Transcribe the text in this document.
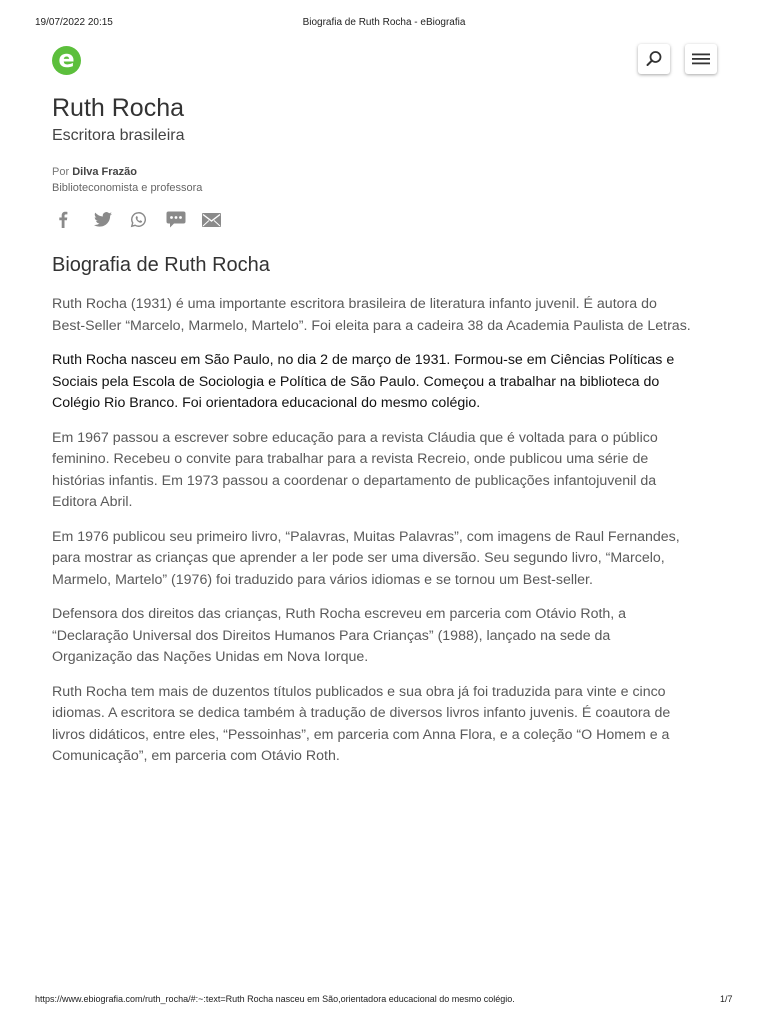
19/07/2022 20:15	Biografia de Ruth Rocha - eBiografia
e
Ruth Rocha
Escritora brasileira
Por Dilva Frazão
Biblioteconomista e professora
Biografia de Ruth Rocha

Ruth Rocha (1931) é uma importante escritora brasileira de literatura infanto juvenil. É autora do Best-Seller “Marcelo, Marmelo, Martelo”. Foi eleita para a cadeira 38 da Academia Paulista de Letras.

Ruth Rocha nasceu em São Paulo, no dia 2 de março de 1931. Formou-se em Ciências Políticas e Sociais pela Escola de Sociologia e Política de São Paulo. Começou a trabalhar na biblioteca do Colégio Rio Branco. Foi orientadora educacional do mesmo colégio.

Em 1967 passou a escrever sobre educação para a revista Cláudia que é voltada para o público feminino. Recebeu o convite para trabalhar para a revista Recreio, onde publicou uma série de histórias infantis. Em 1973 passou a coordenar o departamento de publicações infantojuvenil da Editora Abril.

Em 1976 publicou seu primeiro livro, “Palavras, Muitas Palavras”, com imagens de Raul Fernandes, para mostrar as crianças que aprender a ler pode ser uma diversão. Seu segundo livro, “Marcelo, Marmelo, Martelo” (1976) foi traduzido para vários idiomas e se tornou um Best-seller.

Defensora dos direitos das crianças, Ruth Rocha escreveu em parceria com Otávio Roth, a “Declaração Universal dos Direitos Humanos Para Crianças” (1988), lançado na sede da Organização das Nações Unidas em Nova Iorque.

Ruth Rocha tem mais de duzentos títulos publicados e sua obra já foi traduzida para vinte e cinco idiomas. A escritora se dedica também à tradução de diversos livros infanto juvenis. É coautora de livros didáticos, entre eles, “Pessoinhas”, em parceria com Anna Flora, e a coleção “O Homem e a Comunicação”, em parceria com Otávio Roth.

https://www.ebiografia.com/ruth_rocha/#:~:text=Ruth Rocha nasceu em São,orientadora educacional do mesmo colégio.	1/7
